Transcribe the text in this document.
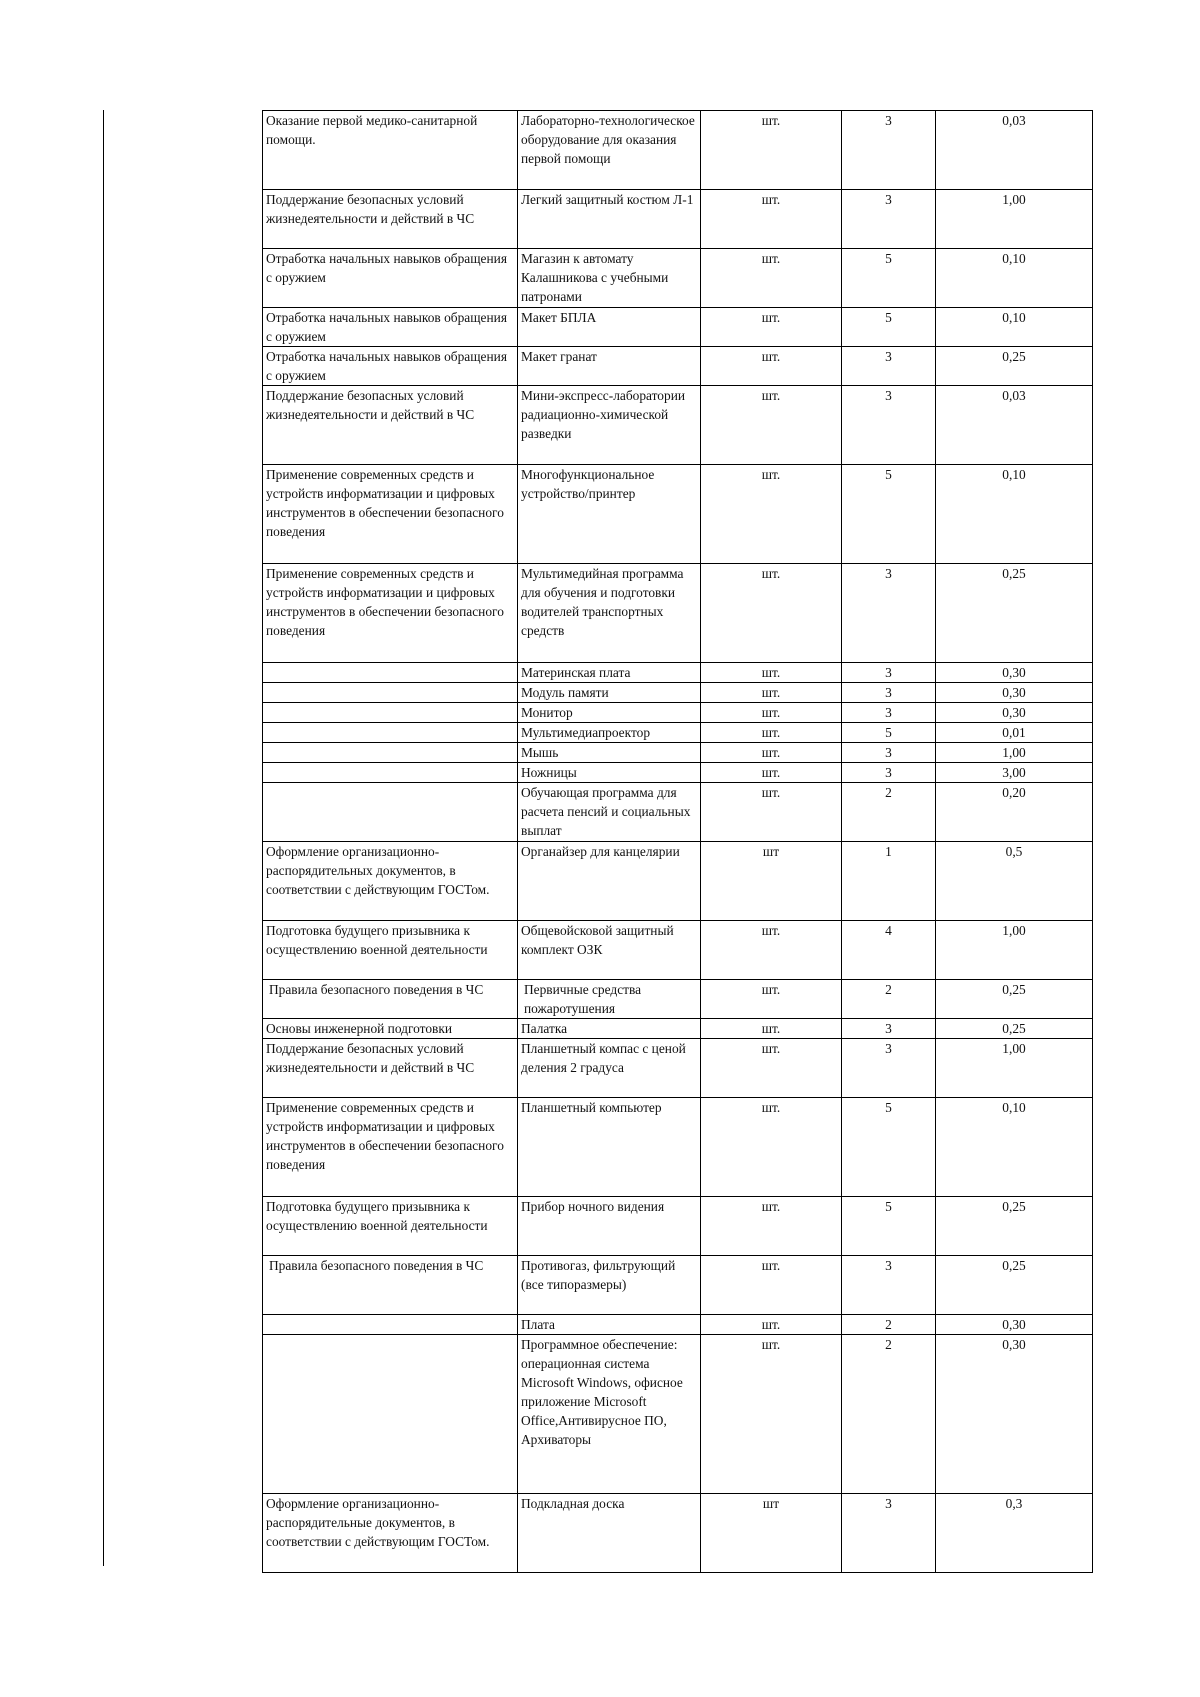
Оказание первой медико-санитарной помощи.	Лабораторно-технологическое оборудование для оказания первой помощи	шт.	3	0,03
Поддержание безопасных условий жизнедеятельности и действий в ЧС	Легкий защитный костюм Л-1	шт.	3	1,00
Отработка начальных навыков обращения с оружием	Магазин к автомату Калашникова с учебными патронами	шт.	5	0,10
Отработка начальных навыков обращения с оружием	Макет БПЛА	шт.	5	0,10
Отработка начальных навыков обращения с оружием	Макет гранат	шт.	3	0,25
Поддержание безопасных условий жизнедеятельности и действий в ЧС	Мини-экспресс-лаборатории радиационно-химической разведки	шт.	3	0,03
Применение современных средств и устройств информатизации и цифровых инструментов в обеспечении безопасного поведения	Многофункциональное устройство/принтер	шт.	5	0,10
Применение современных средств и устройств информатизации и цифровых инструментов в обеспечении безопасного поведения	Мультимедийная программа для обучения и подготовки водителей транспортных средств	шт.	3	0,25
	Материнская плата	шт.	3	0,30
	Модуль памяти	шт.	3	0,30
	Монитор	шт.	3	0,30
	Мультимедиапроектор	шт.	5	0,01
	Мышь	шт.	3	1,00
	Ножницы	шт.	3	3,00
	Обучающая программа для расчета пенсий и социальных выплат	шт.	2	0,20
Оформление организационно-распорядительных документов, в соответствии с действующим ГОСТом.	Органайзер для канцелярии	шт	1	0,5
Подготовка будущего призывника к осуществлению военной деятельности	Общевойсковой защитный комплект ОЗК	шт.	4	1,00
Правила безопасного поведения в ЧС	Первичные средства пожаротушения	шт.	2	0,25
Основы инженерной подготовки	Палатка	шт.	3	0,25
Поддержание безопасных условий жизнедеятельности и действий в ЧС	Планшетный компас с ценой деления 2 градуса	шт.	3	1,00
Применение современных средств и устройств информатизации и цифровых инструментов в обеспечении безопасного поведения	Планшетный компьютер	шт.	5	0,10
Подготовка будущего призывника к осуществлению военной деятельности	Прибор ночного видения	шт.	5	0,25
Правила безопасного поведения в ЧС	Противогаз, фильтрующий (все типоразмеры)	шт.	3	0,25
	Плата	шт.	2	0,30
	Программное обеспечение: операционная система Microsoft Windows, офисное приложение Microsoft Office,Антивирусное ПО, Архиваторы	шт.	2	0,30
Оформление организационно-распорядительные документов, в соответствии с действующим ГОСТом.	Подкладная доска	шт	3	0,3
